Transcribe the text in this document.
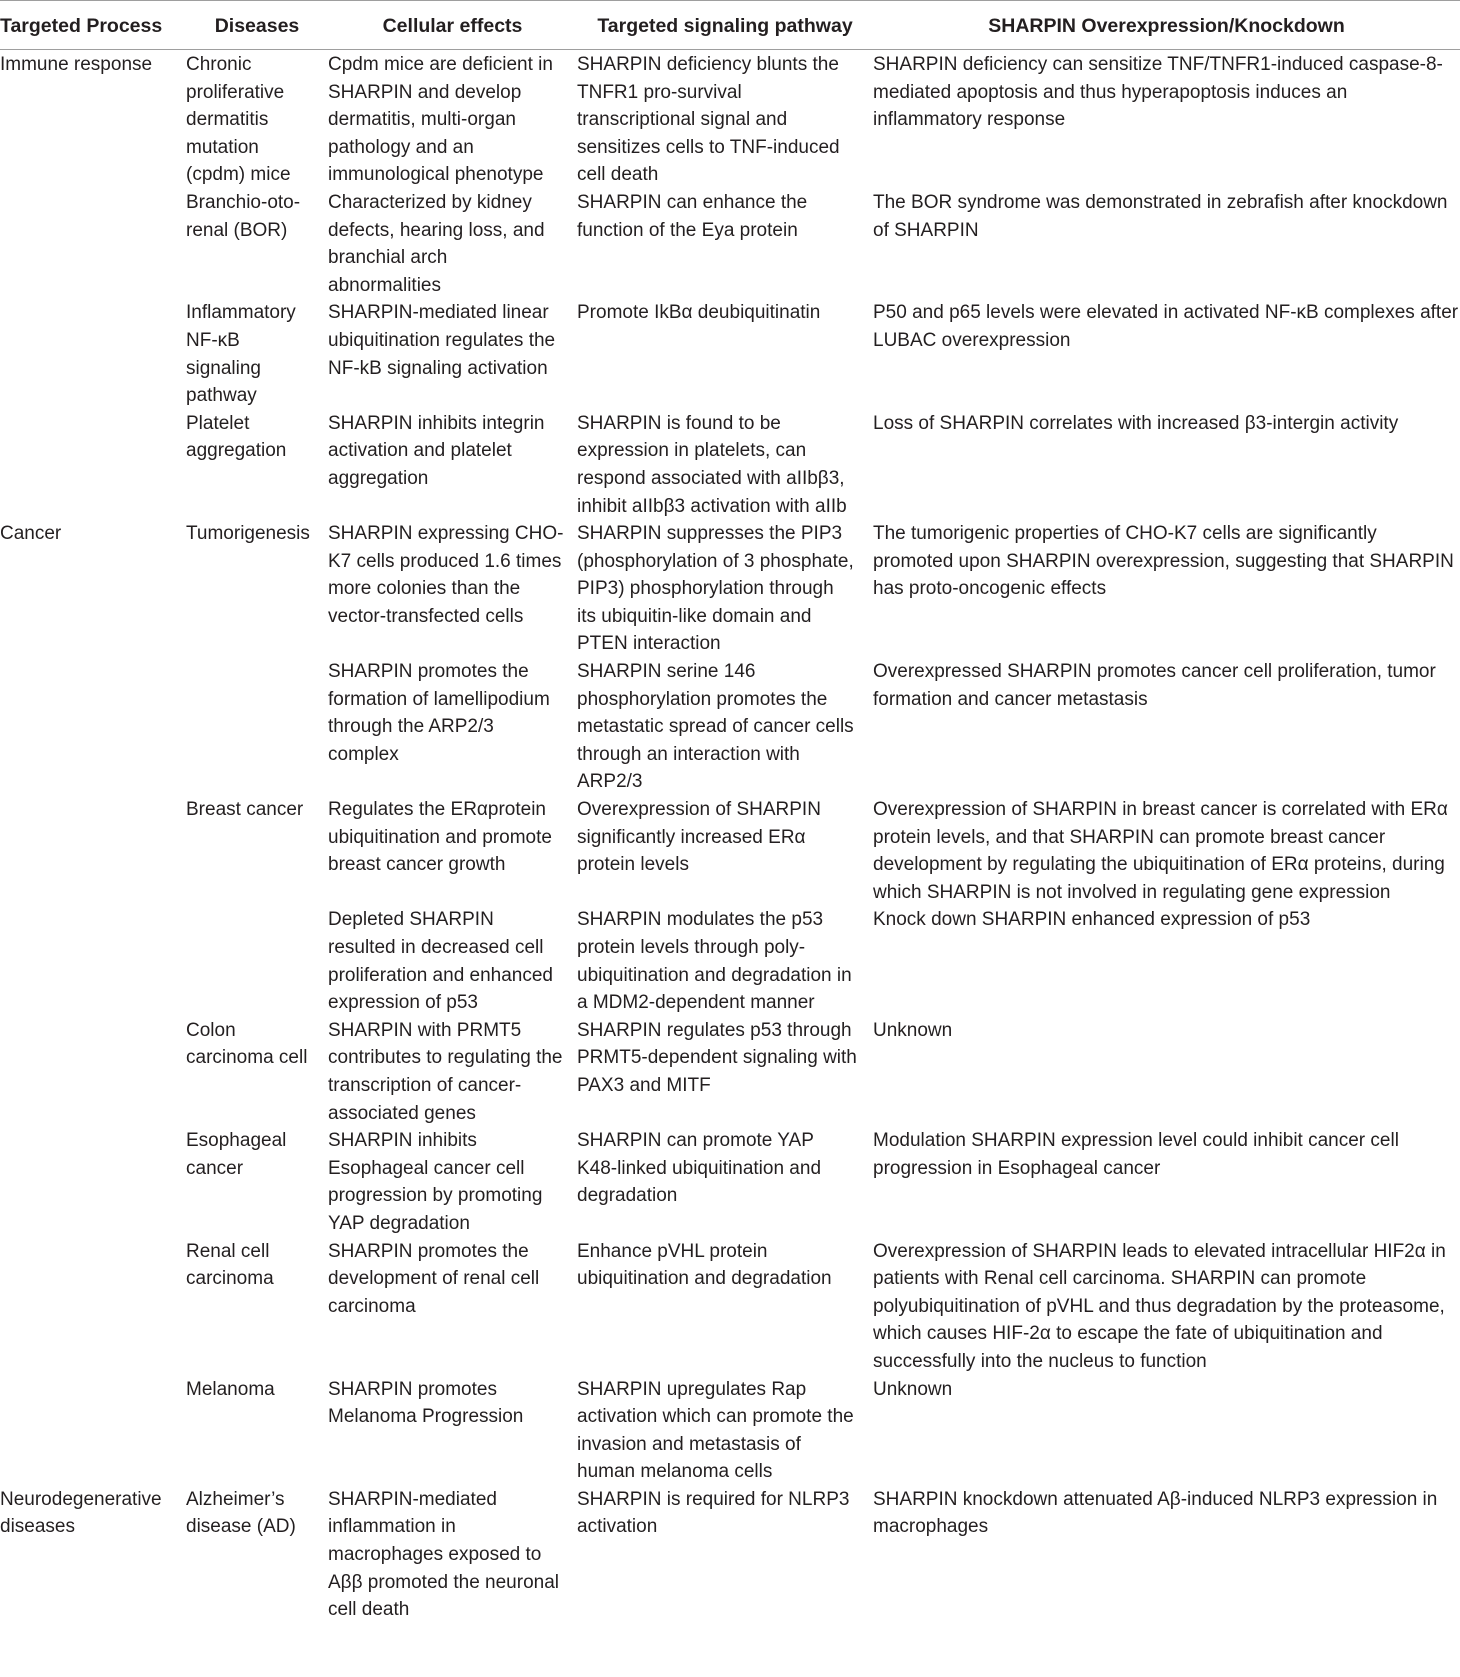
Targeted Process	Diseases	Cellular effects	Targeted signaling pathway	SHARPIN Overexpression/Knockdown
Immune response	Chronic proliferative dermatitis mutation (cpdm) mice	Cpdm mice are deficient in SHARPIN and develop dermatitis, multi-organ pathology and an immunological phenotype	SHARPIN deficiency blunts the TNFR1 pro-survival transcriptional signal and sensitizes cells to TNF-induced cell death	SHARPIN deficiency can sensitize TNF/TNFR1-induced caspase-8-mediated apoptosis and thus hyperapoptosis induces an inflammatory response
	Branchio-oto-renal (BOR)	Characterized by kidney defects, hearing loss, and branchial arch abnormalities	SHARPIN can enhance the function of the Eya protein	The BOR syndrome was demonstrated in zebrafish after knockdown of SHARPIN
	Inflammatory NF-κB signaling pathway	SHARPIN-mediated linear ubiquitination regulates the NF-kB signaling activation	Promote IkBα deubiquitinatin	P50 and p65 levels were elevated in activated NF-κB complexes after LUBAC overexpression
	Platelet aggregation	SHARPIN inhibits integrin activation and platelet aggregation	SHARPIN is found to be expression in platelets, can respond associated with aIIbβ3, inhibit aIIbβ3 activation with aIIb	Loss of SHARPIN correlates with increased β3-intergin activity
Cancer	Tumorigenesis	SHARPIN expressing CHO-K7 cells produced 1.6 times more colonies than the vector-transfected cells	SHARPIN suppresses the PIP3 (phosphorylation of 3 phosphate, PIP3) phosphorylation through its ubiquitin-like domain and PTEN interaction	The tumorigenic properties of CHO-K7 cells are significantly promoted upon SHARPIN overexpression, suggesting that SHARPIN has proto-oncogenic effects
		SHARPIN promotes the formation of lamellipodium through the ARP2/3 complex	SHARPIN serine 146 phosphorylation promotes the metastatic spread of cancer cells through an interaction with ARP2/3	Overexpressed SHARPIN promotes cancer cell proliferation, tumor formation and cancer metastasis
	Breast cancer	Regulates the ERαprotein ubiquitination and promote breast cancer growth	Overexpression of SHARPIN significantly increased ERα protein levels	Overexpression of SHARPIN in breast cancer is correlated with ERα protein levels, and that SHARPIN can promote breast cancer development by regulating the ubiquitination of ERα proteins, during which SHARPIN is not involved in regulating gene expression
		Depleted SHARPIN resulted in decreased cell proliferation and enhanced expression of p53	SHARPIN modulates the p53 protein levels through poly-ubiquitination and degradation in a MDM2-dependent manner	Knock down SHARPIN enhanced expression of p53
	Colon carcinoma cell	SHARPIN with PRMT5 contributes to regulating the transcription of cancer-associated genes	SHARPIN regulates p53 through PRMT5-dependent signaling with PAX3 and MITF	Unknown
	Esophageal cancer	SHARPIN inhibits Esophageal cancer cell progression by promoting YAP degradation	SHARPIN can promote YAP K48-linked ubiquitination and degradation	Modulation SHARPIN expression level could inhibit cancer cell progression in Esophageal cancer
	Renal cell carcinoma	SHARPIN promotes the development of renal cell carcinoma	Enhance pVHL protein ubiquitination and degradation	Overexpression of SHARPIN leads to elevated intracellular HIF2α in patients with Renal cell carcinoma. SHARPIN can promote polyubiquitination of pVHL and thus degradation by the proteasome, which causes HIF-2α to escape the fate of ubiquitination and successfully into the nucleus to function
	Melanoma	SHARPIN promotes Melanoma Progression	SHARPIN upregulates Rap activation which can promote the invasion and metastasis of human melanoma cells	Unknown
Neurodegenerative diseases	Alzheimer’s disease (AD)	SHARPIN-mediated inflammation in macrophages exposed to Aββ promoted the neuronal cell death	SHARPIN is required for NLRP3 activation	SHARPIN knockdown attenuated Aβ-induced NLRP3 expression in macrophages
